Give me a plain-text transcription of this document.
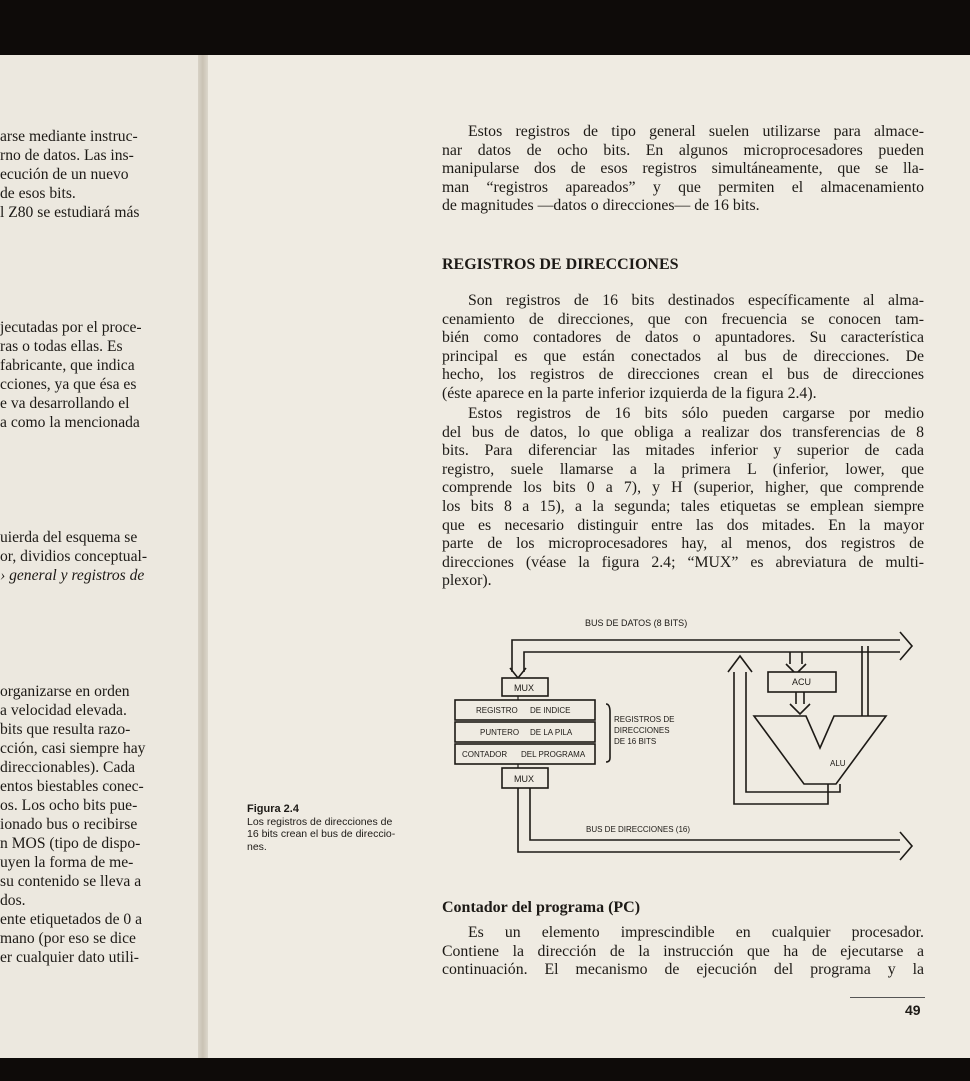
arse mediante instruc-
rno de datos. Las ins-
ecución de un nuevo
de esos bits.
l Z80 se estudiará más
jecutadas por el proce-
ras o todas ellas. Es
fabricante, que indica
cciones, ya que ésa es
e va desarrollando el
a como la mencionada
uierda del esquema se
or, dividios conceptual-
› general y registros de
organizarse en orden
a velocidad elevada.
bits que resulta razo-
cción, casi siempre hay
direccionables). Cada
entos biestables conec-
os. Los ocho bits pue-
ionado bus o recibirse
n MOS (tipo de dispo-
uyen la forma de me-
su contenido se lleva a
dos.
ente etiquetados de 0 a
mano (por eso se dice
er cualquier dato utili-
Estos registros de tipo general suelen utilizarse para almace-
nar datos de ocho bits. En algunos microprocesadores pueden
manipularse dos de esos registros simultáneamente, que se lla-
man “registros apareados” y que permiten el almacenamiento
de magnitudes —datos o direcciones— de 16 bits.
REGISTROS DE DIRECCIONES
Son registros de 16 bits destinados específicamente al alma-
cenamiento de direcciones, que con frecuencia se conocen tam-
bién como contadores de datos o apuntadores. Su característica
principal es que están conectados al bus de direcciones. De
hecho, los registros de direcciones crean el bus de direcciones
(éste aparece en la parte inferior izquierda de la figura 2.4).
Estos registros de 16 bits sólo pueden cargarse por medio
del bus de datos, lo que obliga a realizar dos transferencias de 8
bits. Para diferenciar las mitades inferior y superior de cada
registro, suele llamarse a la primera L (inferior, lower, que
comprende los bits 0 a 7), y H (superior, higher, que comprende
los bits 8 a 15), a la segunda; tales etiquetas se emplean siempre
que es necesario distinguir entre las dos mitades. En la mayor
parte de los microprocesadores hay, al menos, dos registros de
direcciones (véase la figura 2.4; “MUX” es abreviatura de multi-
plexor).
BUS DE DATOS (8 BITS)
MUX
REGISTRO DE INDICE
PUNTERO DE LA PILA
CONTADOR DEL PROGRAMA
REGISTROS DE
DIRECCIONES
DE 16 BITS
MUX
ACU
ALU
BUS DE DIRECCIONES (16)
Figura 2.4
Los registros de direcciones de
16 bits crean el bus de direccio-
nes.
Contador del programa (PC)
Es un elemento imprescindible en cualquier procesador.
Contiene la dirección de la instrucción que ha de ejecutarse a
continuación. El mecanismo de ejecución del programa y la
49
